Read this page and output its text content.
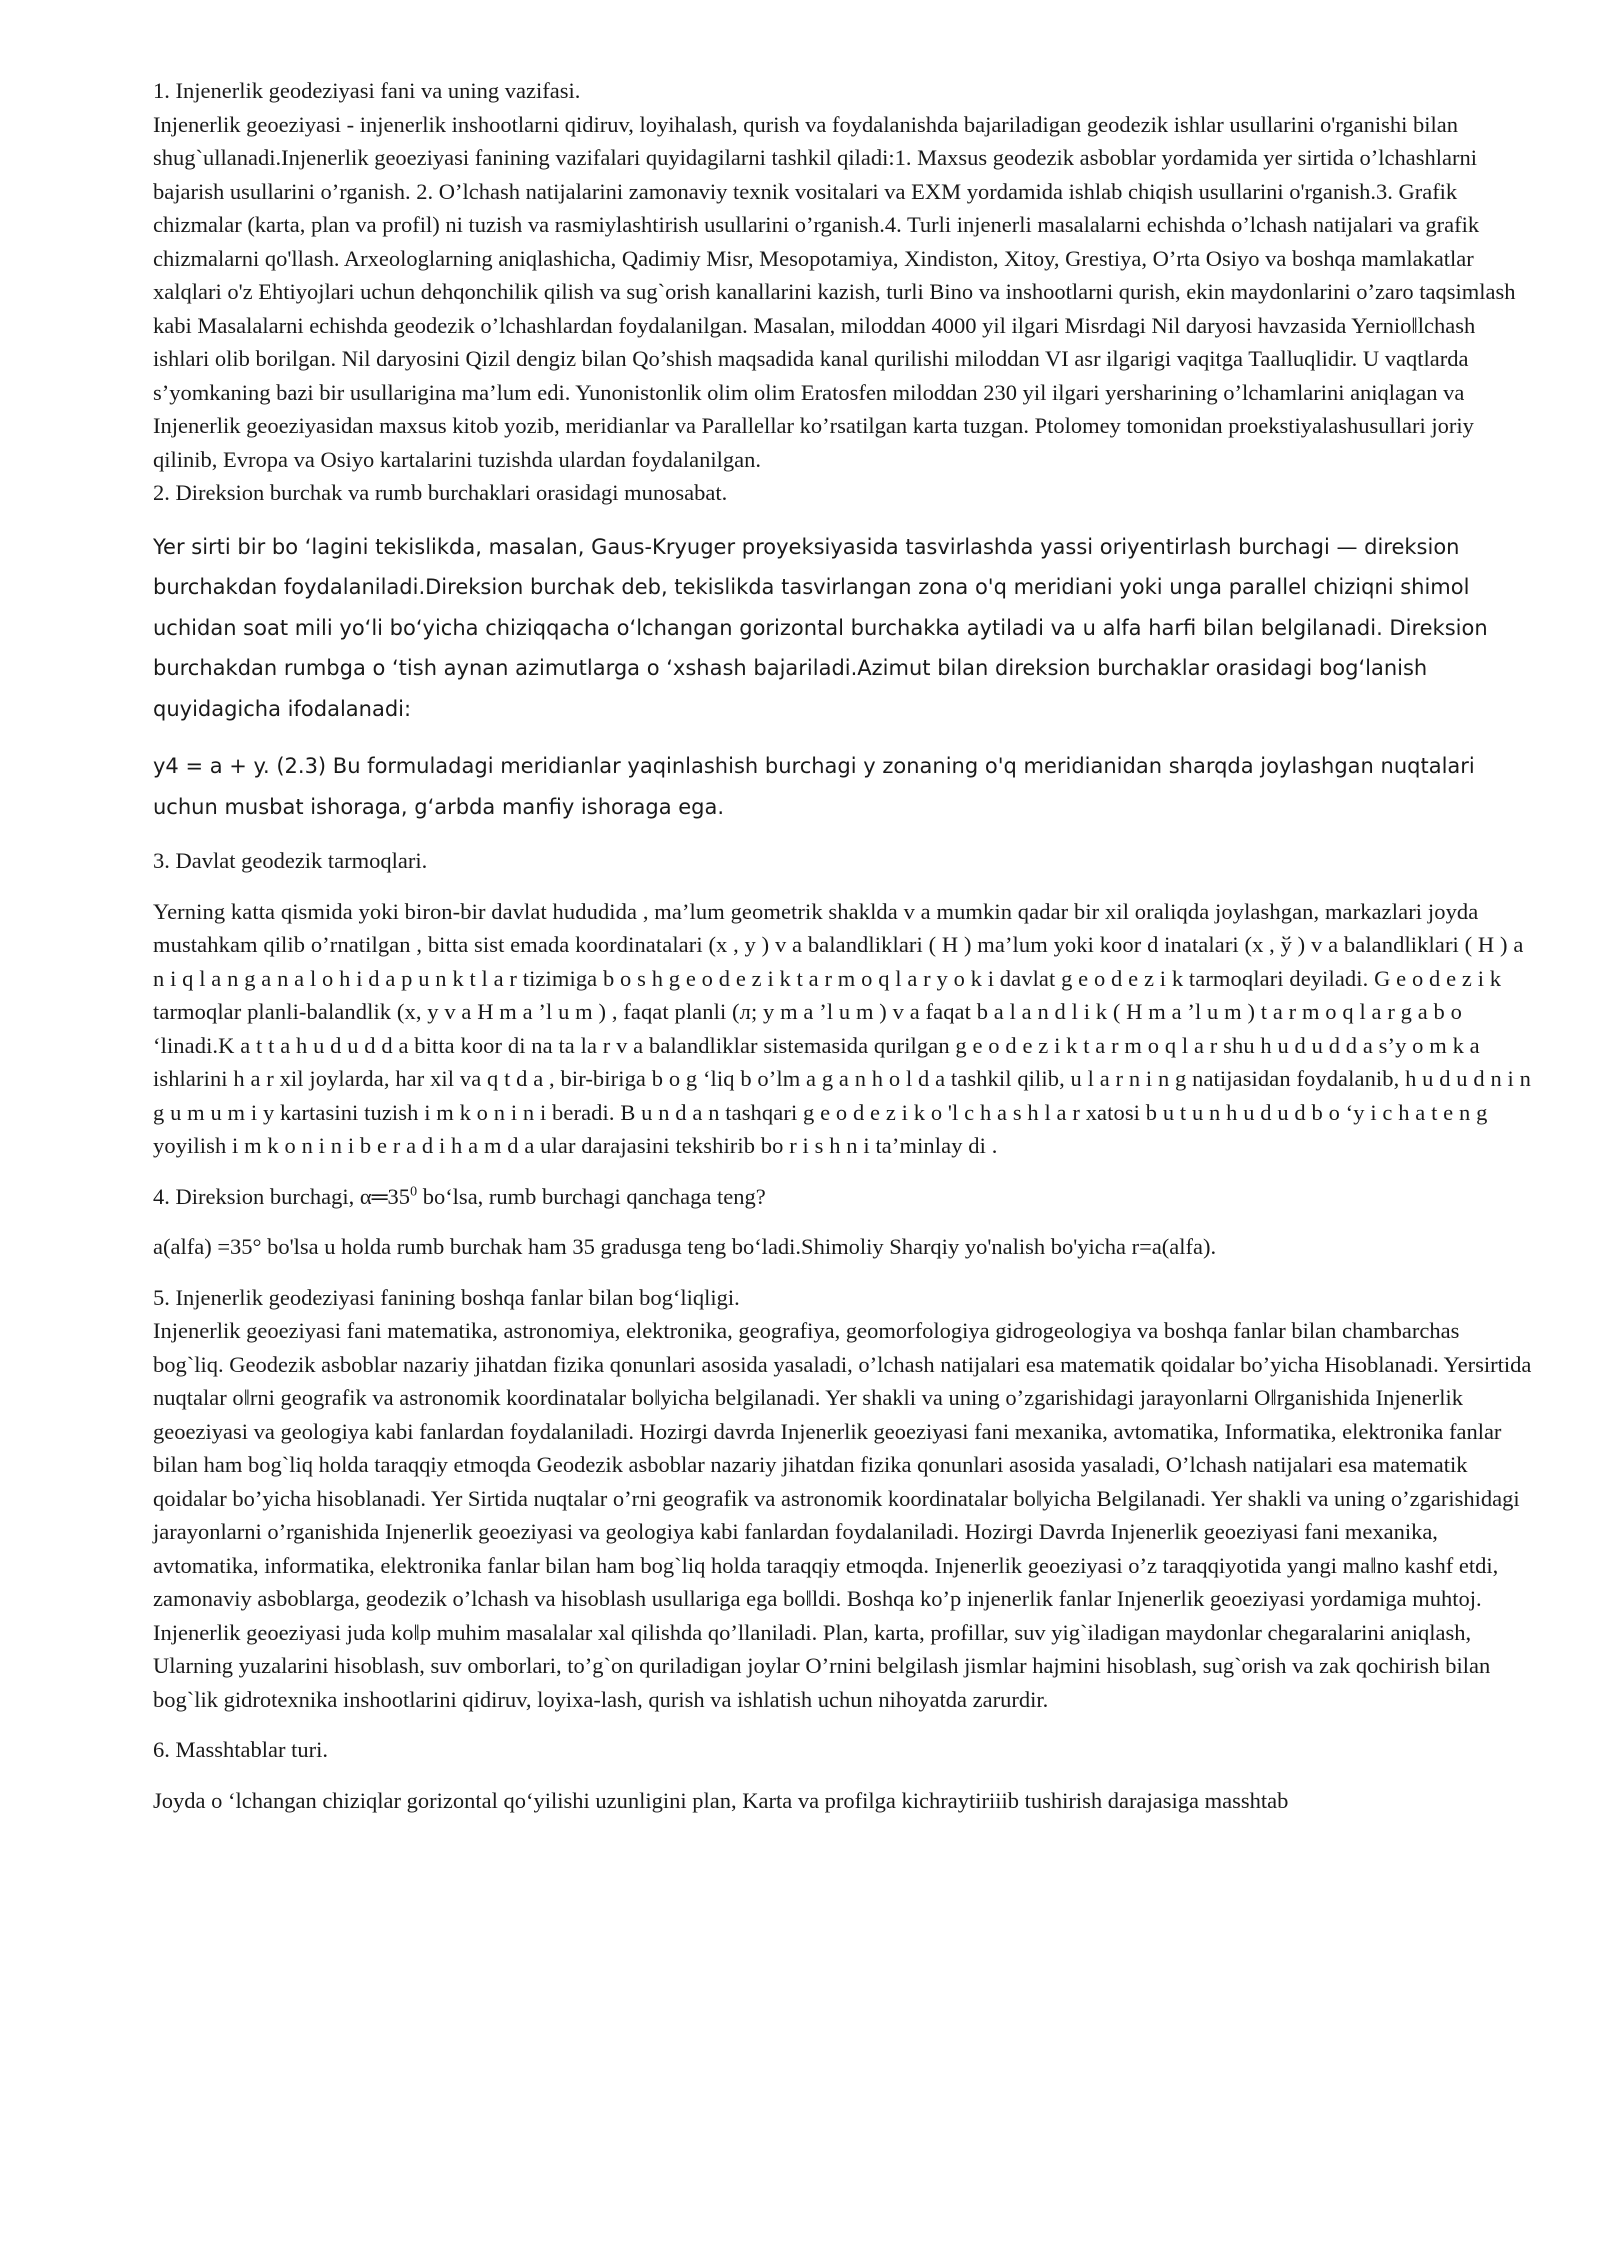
1. Injenerlik geodeziyasi fani va uning vazifasi.

Injenerlik geoeziyasi - injenerlik inshootlarni qidiruv, loyihalash, qurish va foydalanishda bajariladigan geodezik ishlar usullarini o'rganishi bilan shug`ullanadi.Injenerlik geoeziyasi fanining vazifalari quyidagilarni tashkil qiladi:1. Maxsus geodezik asboblar yordamida yer sirtida o’lchashlarni bajarish usullarini o’rganish. 2. O’lchash natijalarini zamonaviy texnik vositalari va EXM yordamida ishlab chiqish usullarini o'rganish.3. Grafik chizmalar (karta, plan va profil) ni tuzish va rasmiylashtirish usullarini o’rganish.4. Turli injenerli masalalarni echishda o’lchash natijalari va grafik chizmalarni qo'llash. Arxeologlarning aniqlashicha, Qadimiy Misr, Mesopotamiya, Xindiston, Xitoy, Grestiya, O’rta Osiyo va boshqa mamlakatlar xalqlari o'z Ehtiyojlari uchun dehqonchilik qilish va sug`orish kanallarini kazish, turli Bino va inshootlarni qurish, ekin maydonlarini o’zaro taqsimlash kabi Masalalarni echishda geodezik o’lchashlardan foydalanilgan. Masalan, miloddan 4000 yil ilgari Misrdagi Nil daryosi havzasida Yernio‖lchash ishlari olib borilgan. Nil daryosini Qizil dengiz bilan Qo’shish maqsadida kanal qurilishi miloddan VI asr ilgarigi vaqitga Taalluqlidir. U vaqtlarda s’yomkaning bazi bir usullarigina ma’lum edi. Yunonistonlik olim olim Eratosfen miloddan 230 yil ilgari yersharining o’lchamlarini aniqlagan va Injenerlik geoeziyasidan maxsus kitob yozib, meridianlar va Parallellar ko’rsatilgan karta tuzgan. Ptolomey tomonidan proekstiyalashusullari joriy qilinib, Evropa va Osiyo kartalarini tuzishda ulardan foydalanilgan.

2. Direksion burchak va rumb burchaklari orasidagi munosabat.

Yer sirti bir bo ‘lagini tekislikda, masalan, Gaus-Kryuger proyeksiyasida tasvirlashda yassi oriyentirlash burchagi — direksion burchakdan foydalaniladi.Direksion burchak deb, tekislikda tasvirlangan zona o'q meridiani yoki unga parallel chiziqni shimol uchidan soat mili yo‘li bo‘yicha chiziqqacha o‘lchangan gorizontal burchakka aytiladi va u alfa harfi bilan belgilanadi. Direksion burchakdan rumbga o ‘tish aynan azimutlarga o ‘xshash bajariladi.Azimut bilan direksion burchaklar orasidagi bog‘lanish quyidagicha ifodalanadi:

y4 = a + y. (2.3) Bu formuladagi meridianlar yaqinlashish burchagi y zonaning o'q meridianidan sharqda joylashgan nuqtalari uchun musbat ishoraga, g‘arbda manfiy ishoraga ega.

3. Davlat geodezik tarmoqlari.

Yerning katta qismida yoki biron-bir davlat hududida , ma’lum geometrik shaklda v a mumkin qadar bir xil oraliqda joylashgan, markazlari joyda mustahkam qilib o’rnatilgan , bitta sist emada koordinatalari (x , y ) v a balandliklari ( H ) ma’lum yoki koor d inatalari (x , ў ) v a balandliklari ( H ) a n i q l a n g a n a l o h i d a p u n k t l a r tizimiga b o s h g e o d e z i k t a r m o q l a r y o k i davlat g e o d e z i k tarmoqlari deyiladi. G e o d e z i k tarmoqlar planli-balandlik (x, y v a H m a ’l u m ) , faqat planli (л; y m a ’l u m ) v a faqat b a l a n d l i k ( H m a ’l u m ) t a r m o q l a r g a b o ‘linadi.K a t t a h u d u d d a bitta koor di na ta la r v a balandliklar sistemasida qurilgan g e o d e z i k t a r m o q l a r shu h u d u d d a s’y o m k a ishlarini h a r xil joylarda, har xil va q t d a , bir-biriga b o g ‘liq b o’lm a g a n h o l d a tashkil qilib, u l a r n i n g natijasidan foydalanib, h u d u d n i n g u m u m i y kartasini tuzish i m k o n i n i beradi. B u n d a n tashqari g e o d e z i k o 'l c h a s h l a r xatosi b u t u n h u d u d b o ‘y i c h a t e n g yoyilish i m k o n i n i b e r a d i h a m d a ular darajasini tekshirib bo r i s h n i ta’minlay di .

4. Direksion burchagi, $\alpha═35^0$ bo‘lsa, rumb burchagi qanchaga teng?

a(alfa) =35° bo'lsa u holda rumb burchak ham 35 gradusga teng bo‘ladi.Shimoliy Sharqiy yo'nalish bo'yicha r=a(alfa).

5. Injenerlik geodeziyasi fanining boshqa fanlar bilan bog‘liqligi.

Injenerlik geoeziyasi fani matematika, astronomiya, elektronika, geografiya, geomorfologiya gidrogeologiya va boshqa fanlar bilan chambarchas bog`liq. Geodezik asboblar nazariy jihatdan fizika qonunlari asosida yasaladi, o’lchash natijalari esa matematik qoidalar bo’yicha Hisoblanadi. Yersirtida nuqtalar o‖rni geografik va astronomik koordinatalar bo‖yicha belgilanadi. Yer shakli va uning o’zgarishidagi jarayonlarni O‖rganishida Injenerlik geoeziyasi va geologiya kabi fanlardan foydalaniladi. Hozirgi davrda Injenerlik geoeziyasi fani mexanika, avtomatika, Informatika, elektronika fanlar bilan ham bog`liq holda taraqqiy etmoqda Geodezik asboblar nazariy jihatdan fizika qonunlari asosida yasaladi, O’lchash natijalari esa matematik qoidalar bo’yicha hisoblanadi. Yer Sirtida nuqtalar o’rni geografik va astronomik koordinatalar bo‖yicha Belgilanadi. Yer shakli va uning o’zgarishidagi jarayonlarni o’rganishida Injenerlik geoeziyasi va geologiya kabi fanlardan foydalaniladi. Hozirgi Davrda Injenerlik geoeziyasi fani mexanika, avtomatika, informatika, elektronika fanlar bilan ham bog`liq holda taraqqiy etmoqda. Injenerlik geoeziyasi o’z taraqqiyotida yangi ma‖no kashf etdi, zamonaviy asboblarga, geodezik o’lchash va hisoblash usullariga ega bo‖ldi. Boshqa ko’p injenerlik fanlar Injenerlik geoeziyasi yordamiga muhtoj. Injenerlik geoeziyasi juda ko‖p muhim masalalar xal qilishda qo’llaniladi. Plan, karta, profillar, suv yig`iladigan maydonlar chegaralarini aniqlash, Ularning yuzalarini hisoblash, suv omborlari, to’g`on quriladigan joylar O’rnini belgilash jismlar hajmini hisoblash, sug`orish va zak qochirish bilan bog`lik gidrotexnika inshootlarini qidiruv, loyixa-lash, qurish va ishlatish uchun nihoyatda zarurdir.

6. Masshtablar turi.

Joyda o ‘lchangan chiziqlar gorizontal qo‘yilishi uzunligini plan, Karta va profilga kichraytiriiib tushirish darajasiga masshtab
